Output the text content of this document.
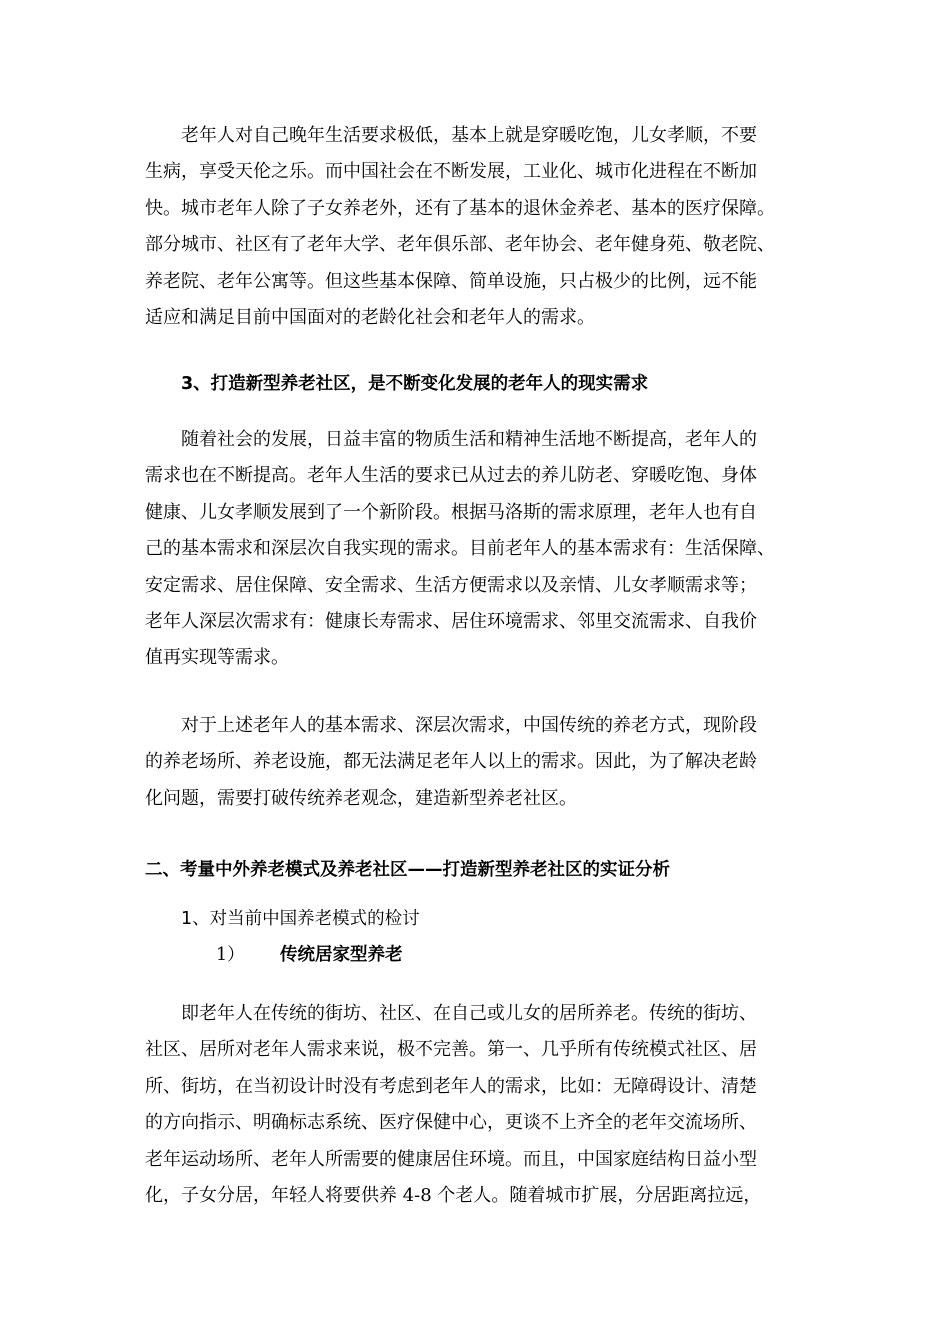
老年人对自己晚年生活要求极低，基本上就是穿暖吃饱，儿女孝顺，不要
生病，享受天伦之乐。而中国社会在不断发展，工业化、城市化进程在不断加
快。城市老年人除了子女养老外，还有了基本的退休金养老、基本的医疗保障。
部分城市、社区有了老年大学、老年俱乐部、老年协会、老年健身苑、敬老院、
养老院、老年公寓等。但这些基本保障、简单设施，只占极少的比例，远不能
适应和满足目前中国面对的老龄化社会和老年人的需求。
3、打造新型养老社区，是不断变化发展的老年人的现实需求
随着社会的发展，日益丰富的物质生活和精神生活地不断提高，老年人的
需求也在不断提高。老年人生活的要求已从过去的养儿防老、穿暖吃饱、身体
健康、儿女孝顺发展到了一个新阶段。根据马洛斯的需求原理，老年人也有自
己的基本需求和深层次自我实现的需求。目前老年人的基本需求有：生活保障、
安定需求、居住保障、安全需求、生活方便需求以及亲情、儿女孝顺需求等；
老年人深层次需求有：健康长寿需求、居住环境需求、邻里交流需求、自我价
值再实现等需求。
对于上述老年人的基本需求、深层次需求，中国传统的养老方式，现阶段
的养老场所、养老设施，都无法满足老年人以上的需求。因此，为了解决老龄
化问题，需要打破传统养老观念，建造新型养老社区。
二、考量中外养老模式及养老社区——打造新型养老社区的实证分析
1、对当前中国养老模式的检讨
1） 传统居家型养老
即老年人在传统的街坊、社区、在自己或儿女的居所养老。传统的街坊、
社区、居所对老年人需求来说，极不完善。第一、几乎所有传统模式社区、居
所、街坊，在当初设计时没有考虑到老年人的需求，比如：无障碍设计、清楚
的方向指示、明确标志系统、医疗保健中心，更谈不上齐全的老年交流场所、
老年运动场所、老年人所需要的健康居住环境。而且，中国家庭结构日益小型
化，子女分居，年轻人将要供养 4-8 个老人。随着城市扩展，分居距离拉远，
